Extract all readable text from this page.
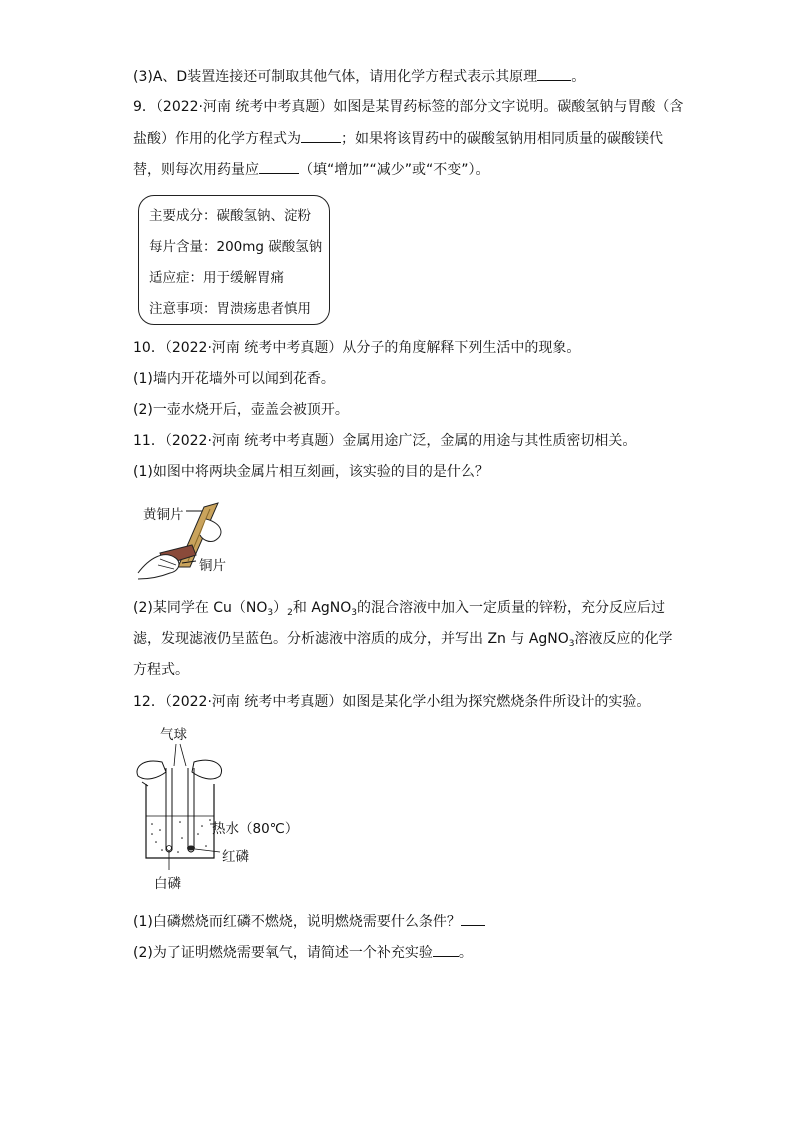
(3)A、D装置连接还可制取其他气体，请用化学方程式表示其原理 。
9．（2022·河南 统考中考真题）如图是某胃药标签的部分文字说明。碳酸氢钠与胃酸（含
盐酸）作用的化学方程式为	；如果将该胃药中的碳酸氢钠用相同质量的碳酸镁代
替，则每次用药量应	（填“增加”“减少”或“不变”）。
主要成分：碳酸氢钠、淀粉
每片含量：200mg 碳酸氢钠
适应症：用于缓解胃痛
注意事项：胃溃疡患者慎用
10．（2022·河南 统考中考真题）从分子的角度解释下列生活中的现象。
(1)墙内开花墙外可以闻到花香。
(2)一壶水烧开后，壶盖会被顶开。
11．（2022·河南 统考中考真题）金属用途广泛，金属的用途与其性质密切相关。
(1)如图中将两块金属片相互刻画，该实验的目的是什么？
黄铜片
铜片
(2)某同学在 $Cu(NO_3)_2$和 AgNO$_3$的混合溶液中加入一定质量的锌粉，充分反应后过
滤，发现滤液仍呈蓝色。分析滤液中溶质的成分，并写出 Zn 与 AgNO$_3$溶液反应的化学
方程式。
12．（2022·河南 统考中考真题）如图是某化学小组为探究燃烧条件所设计的实验。
气球
热水（80℃）
红磷
白磷
(1)白磷燃烧而红磷不燃烧，说明燃烧需要什么条件？
(2)为了证明燃烧需要氧气，请简述一个补充实验 。
